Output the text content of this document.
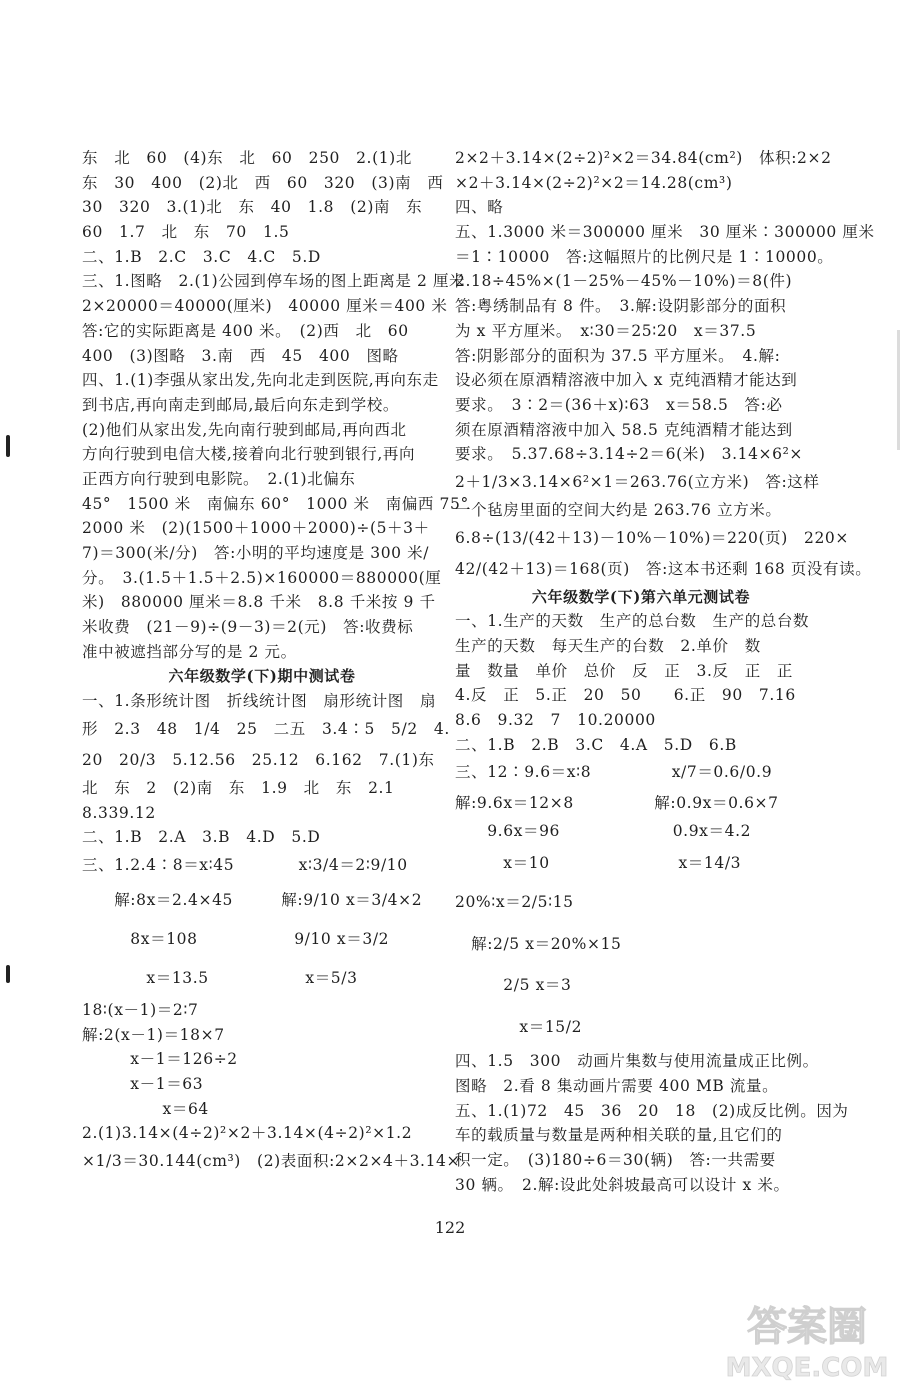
东　北　60　(4)东　北　60　250　2.(1)北
东　30　400　(2)北　西　60　320　(3)南　西
30　320　3.(1)北　东　40　1.8　(2)南　东
60　1.7　北　东　70　1.5
二、1.B　2.C　3.C　4.C　5.D
三、1.图略　2.(1)公园到停车场的图上距离是 2 厘米
2×20000＝40000(厘米)　40000 厘米＝400 米
答:它的实际距离是 400 米。　(2)西　北　60
400　(3)图略　3.南　西　45　400　图略
四、1.(1)李强从家出发,先向北走到医院,再向东走
到书店,再向南走到邮局,最后向东走到学校。
(2)他们从家出发,先向南行驶到邮局,再向西北
方向行驶到电信大楼,接着向北行驶到银行,再向
正西方向行驶到电影院。　2.(1)北偏东
45°　1500 米　南偏东 60°　1000 米　南偏西 75°
2000 米　(2)(1500＋1000＋2000)÷(5＋3＋
7)＝300(米/分)　答:小明的平均速度是 300 米/
分。　3.(1.5＋1.5＋2.5)×160000＝880000(厘
米)　880000 厘米＝8.8 千米　8.8 千米按 9 千
米收费　(21－9)÷(9－3)＝2(元)　答:收费标
准中被遮挡部分写的是 2 元。
六年级数学(下)期中测试卷
一、1.条形统计图　折线统计图　扇形统计图　扇
形　2.3　48　1/4　25　二五　3.4∶5　5/2　4.
20　20/3　5.12.56　25.12　6.162　7.(1)东
北　东　2　(2)南　东　1.9　北　东　2.1
8.339.12
二、1.B　2.A　3.B　4.D　5.D
三、1.2.4∶8＝x∶45　　　　x∶3/4＝2∶9/10
　　解:8x＝2.4×45　　　解:9/10 x＝3/4×2
　　　8x＝108　　　　　　9/10 x＝3/2
　　　　x＝13.5　　　　　　x＝5/3
18∶(x－1)＝2∶7
解:2(x－1)＝18×7
　　　x－1＝126÷2
　　　x－1＝63
　　　　　x＝64
2.(1)3.14×(4÷2)²×2＋3.14×(4÷2)²×1.2
×1/3＝30.144(cm³)　(2)表面积:2×2×4＋3.14×
2×2＋3.14×(2÷2)²×2＝34.84(cm²)　体积:2×2
×2＋3.14×(2÷2)²×2＝14.28(cm³)
四、略
五、1.3000 米＝300000 厘米　30 厘米∶300000 厘米
＝1∶10000　答:这幅照片的比例尺是 1∶10000。
2.18÷45%×(1－25%－45%－10%)＝8(件)
答:粤绣制品有 8 件。　3.解:设阴影部分的面积
为 x 平方厘米。　x∶30＝25∶20　x＝37.5
答:阴影部分的面积为 37.5 平方厘米。　4.解:
设必须在原酒精溶液中加入 x 克纯酒精才能达到
要求。　3∶2＝(36＋x)∶63　x＝58.5　答:必
须在原酒精溶液中加入 58.5 克纯酒精才能达到
要求。　5.37.68÷3.14÷2＝6(米)　3.14×6²×
2＋1/3×3.14×6²×1＝263.76(立方米)　答:这样
一个毡房里面的空间大约是 263.76 立方米。
6.8÷(13/(42＋13)－10%－10%)＝220(页)　220×
42/(42＋13)＝168(页)　答:这本书还剩 168 页没有读。
六年级数学(下)第六单元测试卷
一、1.生产的天数　生产的总台数　生产的总台数
生产的天数　每天生产的台数　2.单价　数
量　数量　单价　总价　反　正　3.反　正　正
4.反　正　5.正　20　50　　6.正　90　7.16
8.6　9.32　7　10.20000
二、1.B　2.B　3.C　4.A　5.D　6.B
三、12∶9.6＝x∶8　　　　　x/7＝0.6/0.9
解:9.6x＝12×8　　　　　解:0.9x＝0.6×7
　　9.6x＝96　　　　　　　0.9x＝4.2
　　　x＝10　　　　　　　　x＝14/3
20%∶x＝2/5∶15
　解:2/5 x＝20%×15
　　　2/5 x＝3
　　　　x＝15/2
四、1.5　300　动画片集数与使用流量成正比例。
图略　2.看 8 集动画片需要 400 MB 流量。
五、1.(1)72　45　36　20　18　(2)成反比例。因为
车的载质量与数量是两种相关联的量,且它们的
积一定。　(3)180÷6＝30(辆)　答:一共需要
30 辆。　2.解:设此处斜坡最高可以设计 x 米。
122
答案圈
MXQE.COM
